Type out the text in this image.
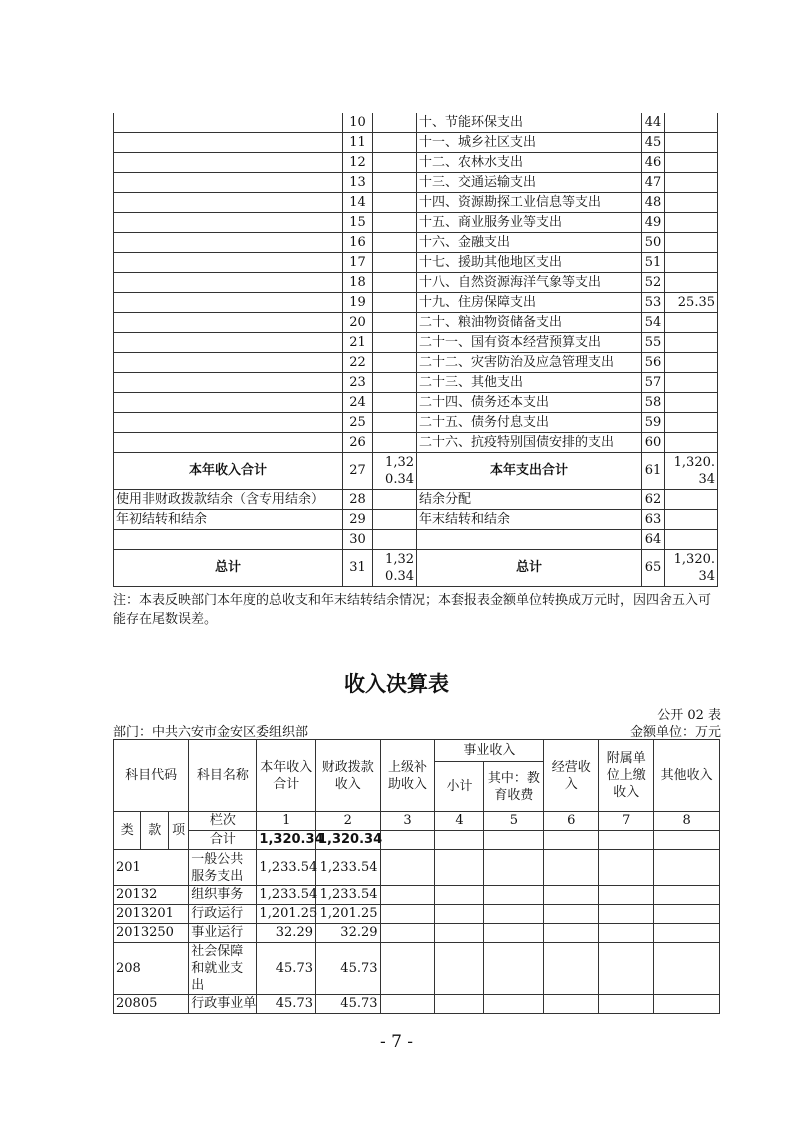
	10		十、节能环保支出	44	
	11		十一、城乡社区支出	45	
	12		十二、农林水支出	46	
	13		十三、交通运输支出	47	
	14		十四、资源勘探工业信息等支出	48	
	15		十五、商业服务业等支出	49	
	16		十六、金融支出	50	
	17		十七、援助其他地区支出	51	
	18		十八、自然资源海洋气象等支出	52	
	19		十九、住房保障支出	53	25.35
	20		二十、粮油物资储备支出	54	
	21		二十一、国有资本经营预算支出	55	
	22		二十二、灾害防治及应急管理支出	56	
	23		二十三、其他支出	57	
	24		二十四、债务还本支出	58	
	25		二十五、债务付息支出	59	
	26		二十六、抗疫特别国债安排的支出	60	
本年收入合计	27	1,320.34	本年支出合计	61	1,320.34
使用非财政拨款结余（含专用结余）	28		结余分配	62	
年初结转和结余	29		年末结转和结余	63	
	30			64	
总计	31	1,320.34	总计	65	1,320.34
注：本表反映部门本年度的总收支和年末结转结余情况；本套报表金额单位转换成万元时，因四舍五入可能存在尾数误差。
收入决算表
公开 02 表
部门：中共六安市金安区委组织部	金额单位：万元
科目代码			科目名称	本年收入合计	财政拨款收入	上级补助收入	事业收入		经营收入	附属单位上缴收入	其他收入
							小计	其中：教育收费			
类	款	项	栏次	1	2	3	4	5	6	7	8
			合计	1,320.34	1,320.34						
201			一般公共服务支出	1,233.54	1,233.54						
20132			组织事务	1,233.54	1,233.54						
2013201			行政运行	1,201.25	1,201.25						
2013250			事业运行	32.29	32.29						
208			社会保障和就业支出	45.73	45.73						
20805			行政事业单	45.73	45.73						
- 7 -
